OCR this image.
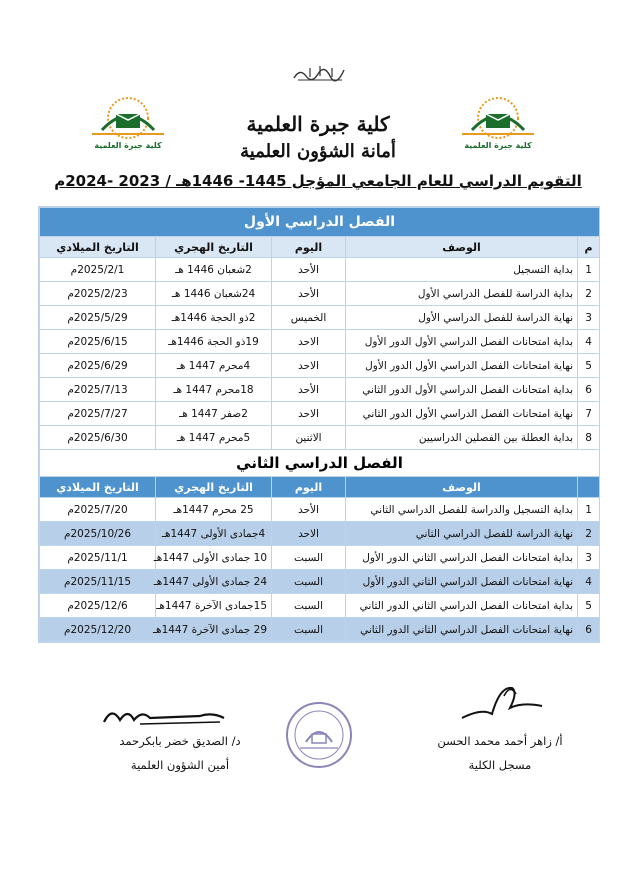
كلية جبرة العلمية	كلية جبرة العلمية
كلية جبرة العلمية
أمانة الشؤون العلمية
التقويم الدراسي للعام الجامعي المؤجل 1445- 1446هـ / 2023 -2024م
الفصل الدراسي الأول				
م	الوصف	اليوم	التاريخ الهجري	التاريخ الميلادي
1	بداية التسجيل	الأحد	2شعبان 1446 هـ	2025/2/1م
2	بداية الدراسة للفصل الدراسي الأول	الأحد	24شعبان 1446 هـ	2025/2/23م
3	نهاية الدراسة للفصل الدراسي الأول	الخميس	2ذو الحجة 1446هـ	2025/5/29م
4	بداية امتحانات الفصل الدراسي الأول الدور الأول	الاحد	19ذو الحجة 1446هـ	2025/6/15م
5	نهاية امتحانات الفصل الدراسي الأول الدور الأول	الاحد	4محرم 1447 هـ	2025/6/29م
6	بداية امتحانات الفصل الدراسي الأول الدور الثاني	الأحد	18محرم 1447 هـ	2025/7/13م
7	نهاية امتحانات الفصل الدراسي الأول الدور الثاني	الاحد	2صفر 1447 هـ	2025/7/27م
8	بداية العطلة بين الفصلين الدراسيين	الاثنين	5محرم 1447 هـ	2025/6/30م
الفصل الدراسي الثاني				
	الوصف	اليوم	التاريخ الهجري	التاريخ الميلادي
1	بداية التسجيل والدراسة للفصل الدراسي الثاني	الأحد	25 محرم 1447هـ	2025/7/20م
2	نهاية الدراسة للفصل الدراسي الثاني	الاحد	4جمادى الأولى 1447هـ	2025/10/26م
3	بداية امتحانات الفصل الدراسي الثاني الدور الأول	السبت	10 جمادى الأولى 1447هـ	2025/11/1م
4	نهاية امتحانات الفصل الدراسي الثاني الدور الأول	السبت	24 جمادى الأولى 1447هـ	2025/11/15م
5	بداية امتحانات الفصل الدراسي الثاني الدور الثاني	السبت	15جمادى الآخرة 1447هـ	2025/12/6م
6	نهاية امتحانات الفصل الدراسي الثاني الدور الثاني	السبت	29 جمادى الآخرة 1447هـ	2025/12/20م
د/ الصديق خضر بابكرحمد
أمين الشؤون العلمية
أ/ زاهر أحمد محمد الحسن
مسجل الكلية
